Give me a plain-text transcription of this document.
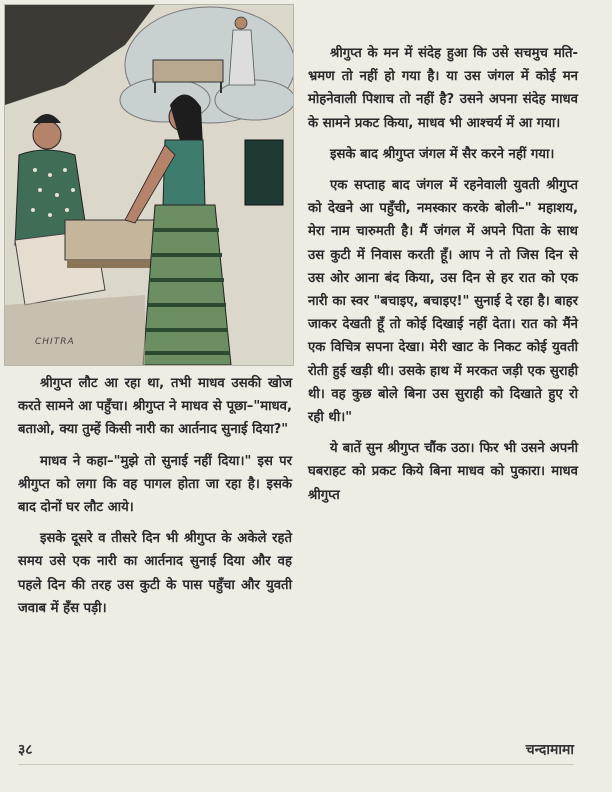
CHITRA

श्रीगुप्त लौट आ रहा था, तभी माधव उसकी खोज करते सामने आ पहुँचा। श्रीगुप्त ने माधव से पूछा–"माधव, बताओ, क्या तुम्हें किसी नारी का आर्तनाद सुनाई दिया?"

माधव ने कहा–"मुझे तो सुनाई नहीं दिया।" इस पर श्रीगुप्त को लगा कि वह पागल होता जा रहा है। इसके बाद दोनों घर लौट आये।

इसके दूसरे व तीसरे दिन भी श्रीगुप्त के अकेले रहते समय उसे एक नारी का आर्तनाद सुनाई दिया और वह पहले दिन की तरह उस कुटी के पास पहुँचा और युवती जवाब में हँस पड़ी।

श्रीगुप्त के मन में संदेह हुआ कि उसे सचमुच मति-भ्रमण तो नहीं हो गया है। या उस जंगल में कोई मन मोहनेवाली पिशाच तो नहीं है? उसने अपना संदेह माधव के सामने प्रकट किया, माधव भी आश्चर्य में आ गया।

इसके बाद श्रीगुप्त जंगल में सैर करने नहीं गया।

एक सप्ताह बाद जंगल में रहनेवाली युवती श्रीगुप्त को देखने आ पहुँची, नमस्कार करके बोली–" महाशय, मेरा नाम चारुमती है। मैं जंगल में अपने पिता के साथ उस कुटी में निवास करती हूँ। आप ने तो जिस दिन से उस ओर आना बंद किया, उस दिन से हर रात को एक नारी का स्वर "बचाइए, बचाइए!" सुनाई दे रहा है। बाहर जाकर देखती हूँ तो कोई दिखाई नहीं देता। रात को मैंने एक विचित्र सपना देखा। मेरी खाट के निकट कोई युवती रोती हुई खड़ी थी। उसके हाथ में मरकत जड़ी एक सुराही थी। वह कुछ बोले बिना उस सुराही को दिखाते हुए रो रही थी।"

ये बातें सुन श्रीगुप्त चौंक उठा। फिर भी उसने अपनी घबराहट को प्रकट किये बिना माधव को पुकारा। माधव श्रीगुप्त

३८	चन्दामामा
